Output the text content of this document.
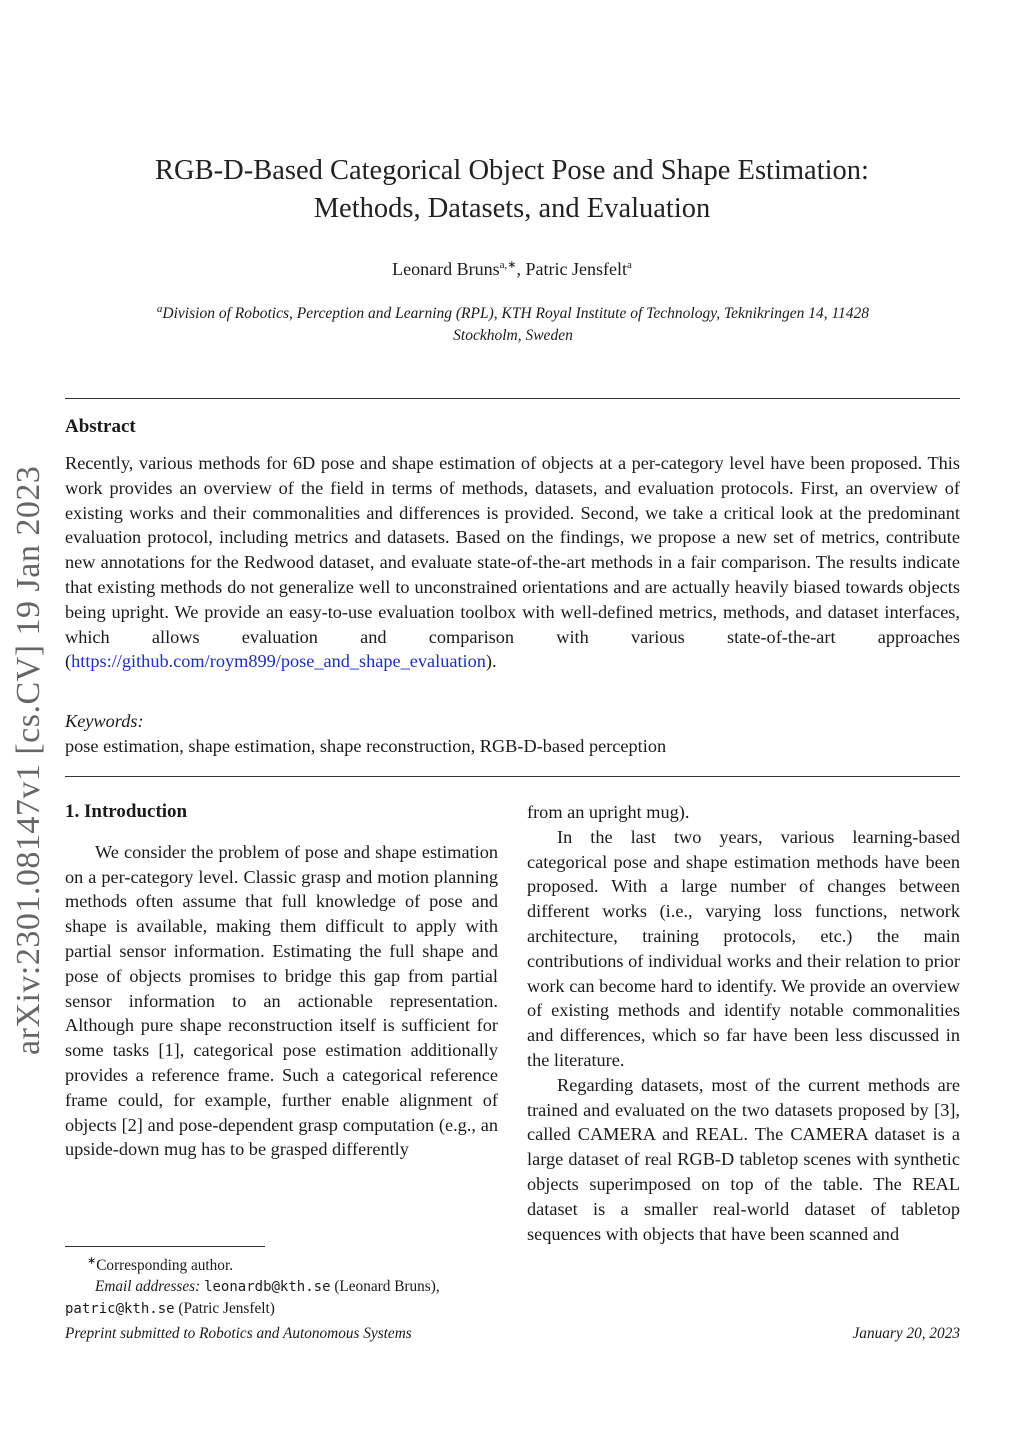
arXiv:2301.08147v1 [cs.CV] 19 Jan 2023
RGB-D-Based Categorical Object Pose and Shape Estimation:
Methods, Datasets, and Evaluation
Leonard Bruns$^{a,∗}$, Patric Jensfelt$^a$
$^a$Division of Robotics, Perception and Learning (RPL), KTH Royal Institute of Technology, Teknikringen 14, 11428
Stockholm, Sweden
Abstract
Recently, various methods for 6D pose and shape estimation of objects at a per-category level have been proposed. This work provides an overview of the field in terms of methods, datasets, and evaluation protocols. First, an overview of existing works and their commonalities and differences is provided. Second, we take a critical look at the predominant evaluation protocol, including metrics and datasets. Based on the findings, we propose a new set of metrics, contribute new annotations for the Redwood dataset, and evaluate state-of-the-art methods in a fair comparison. The results indicate that existing methods do not generalize well to unconstrained orientations and are actually heavily biased towards objects being upright. We provide an easy-to-use evaluation toolbox with well-defined metrics, methods, and dataset interfaces, which allows evaluation and comparison with various state-of-the-art approaches (https://github.com/roym899/pose_and_shape_evaluation).
Keywords:
pose estimation, shape estimation, shape reconstruction, RGB-D-based perception
1. Introduction

We consider the problem of pose and shape estimation on a per-category level. Classic grasp and motion planning methods often assume that full knowledge of pose and shape is available, making them difficult to apply with partial sensor information. Estimating the full shape and pose of objects promises to bridge this gap from partial sensor information to an actionable representation. Although pure shape reconstruction itself is sufficient for some tasks [1], categorical pose estimation additionally provides a reference frame. Such a categorical reference frame could, for example, further enable alignment of objects [2] and pose-dependent grasp computation (e.g., an upside-down mug has to be grasped differently

from an upright mug).

In the last two years, various learning-based categorical pose and shape estimation methods have been proposed. With a large number of changes between different works (i.e., varying loss functions, network architecture, training protocols, etc.) the main contributions of individual works and their relation to prior work can become hard to identify. We provide an overview of existing methods and identify notable commonalities and differences, which so far have been less discussed in the literature.

Regarding datasets, most of the current methods are trained and evaluated on the two datasets proposed by [3], called CAMERA and REAL. The CAMERA dataset is a large dataset of real RGB-D tabletop scenes with synthetic objects superimposed on top of the table. The REAL dataset is a smaller real-world dataset of tabletop sequences with objects that have been scanned and

∗Corresponding author.

Email addresses: leonardb@kth.se (Leonard Bruns), patric@kth.se (Patric Jensfelt)

Preprint submitted to Robotics and Autonomous Systems	January 20, 2023
